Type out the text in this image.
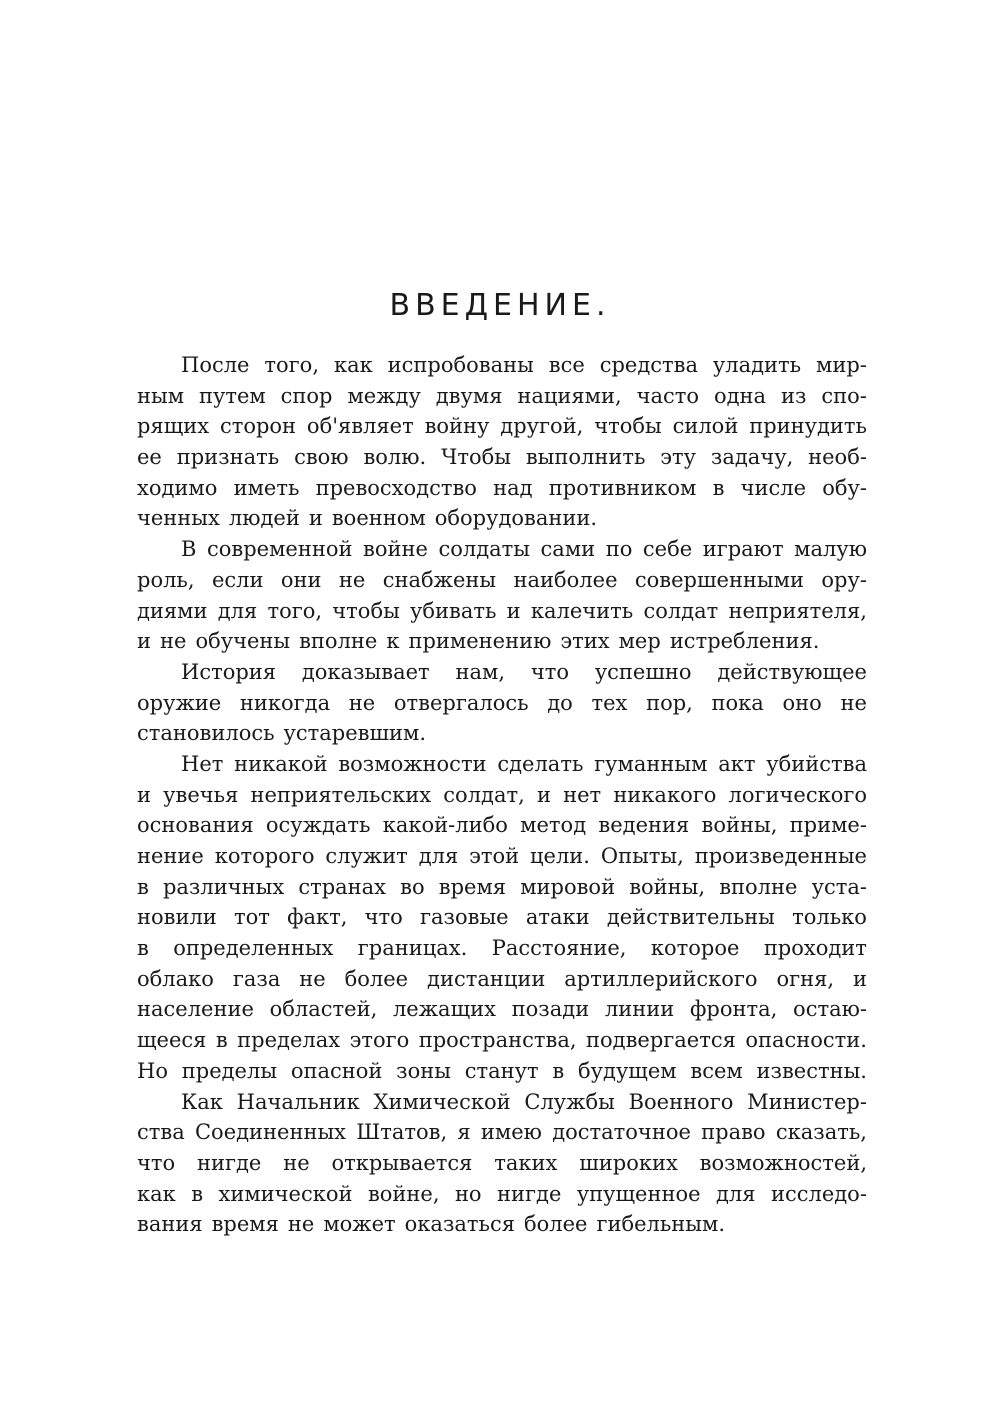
ВВЕДЕНИЕ.
После того, как испробованы все средства уладить мир-
ным путем спор между двумя нациями, часто одна из спо-
рящих сторон об'являет войну другой, чтобы силой принудить
ее признать свою волю. Чтобы выполнить эту задачу, необ-
ходимо иметь превосходство над противником в числе обу-
ченных людей и военном оборудовании.
В современной войне солдаты сами по себе играют малую
роль, если они не снабжены наиболее совершенными ору-
диями для того, чтобы убивать и калечить солдат неприятеля,
и не обучены вполне к применению этих мер истребления.
История доказывает нам, что успешно действующее
оружие никогда не отвергалось до тех пор, пока оно не
становилось устаревшим.
Нет никакой возможности сделать гуманным акт убийства
и увечья неприятельских солдат, и нет никакого логического
основания осуждать какой-либо метод ведения войны, приме-
нение которого служит для этой цели. Опыты, произведенные
в различных странах во время мировой войны, вполне уста-
новили тот факт, что газовые атаки действительны только
в определенных границах. Расстояние, которое проходит
облако газа не более дистанции артиллерийского огня, и
население областей, лежащих позади линии фронта, остаю-
щееся в пределах этого пространства, подвергается опасности.
Но пределы опасной зоны станут в будущем всем известны.
Как Начальник Химической Службы Военного Министер-
ства Соединенных Штатов, я имею достаточное право сказать,
что нигде не открывается таких широких возможностей,
как в химической войне, но нигде упущенное для исследо-
вания время не может оказаться более гибельным.
